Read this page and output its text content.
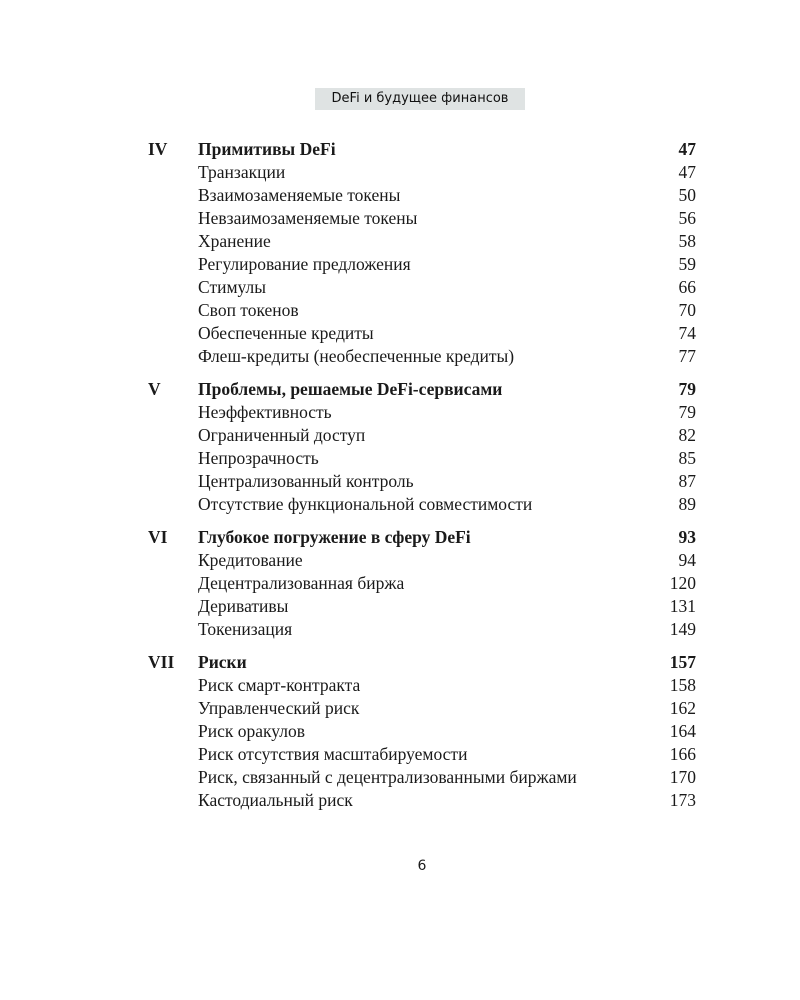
DeFi и будущее финансов
IV	Примитивы DeFi	47
Транзакции	47
Взаимозаменяемые токены	50
Невзаимозаменяемые токены	56
Хранение	58
Регулирование предложения	59
Стимулы	66
Своп токенов	70
Обеспеченные кредиты	74
Флеш-кредиты (необеспеченные кредиты)	77
V	Проблемы, решаемые DeFi-сервисами	79
Неэффективность	79
Ограниченный доступ	82
Непрозрачность	85
Централизованный контроль	87
Отсутствие функциональной совместимости	89
VI	Глубокое погружение в сферу DeFi	93
Кредитование	94
Децентрализованная биржа	120
Деривативы	131
Токенизация	149
VII	Риски	157
Риск смарт-контракта	158
Управленческий риск	162
Риск оракулов	164
Риск отсутствия масштабируемости	166
Риск, связанный с децентрализованными биржами	170
Кастодиальный риск	173
6
